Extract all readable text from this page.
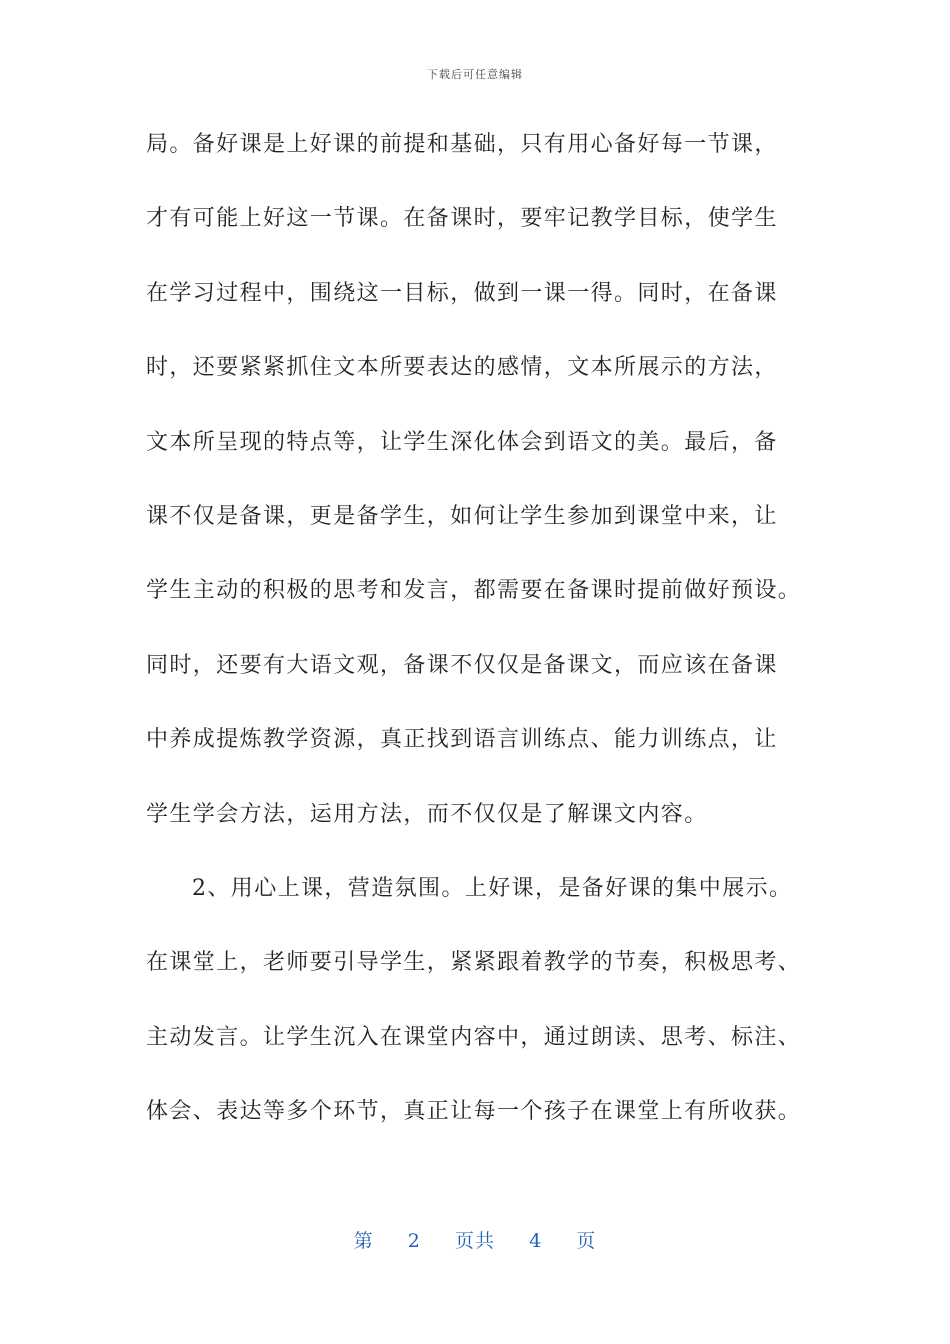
下载后可任意编辑
局。备好课是上好课的前提和基础，只有用心备好每一节课，
才有可能上好这一节课。在备课时，要牢记教学目标，使学生
在学习过程中，围绕这一目标，做到一课一得。同时，在备课
时，还要紧紧抓住文本所要表达的感情，文本所展示的方法，
文本所呈现的特点等，让学生深化体会到语文的美。最后，备
课不仅是备课，更是备学生，如何让学生参加到课堂中来，让
学生主动的积极的思考和发言，都需要在备课时提前做好预设。
同时，还要有大语文观，备课不仅仅是备课文，而应该在备课
中养成提炼教学资源，真正找到语言训练点、能力训练点，让
学生学会方法，运用方法，而不仅仅是了解课文内容。
2、用心上课，营造氛围。上好课，是备好课的集中展示。
在课堂上，老师要引导学生，紧紧跟着教学的节奏，积极思考、
主动发言。让学生沉入在课堂内容中，通过朗读、思考、标注、
体会、表达等多个环节，真正让每一个孩子在课堂上有所收获。
第 2 页共 4 页
